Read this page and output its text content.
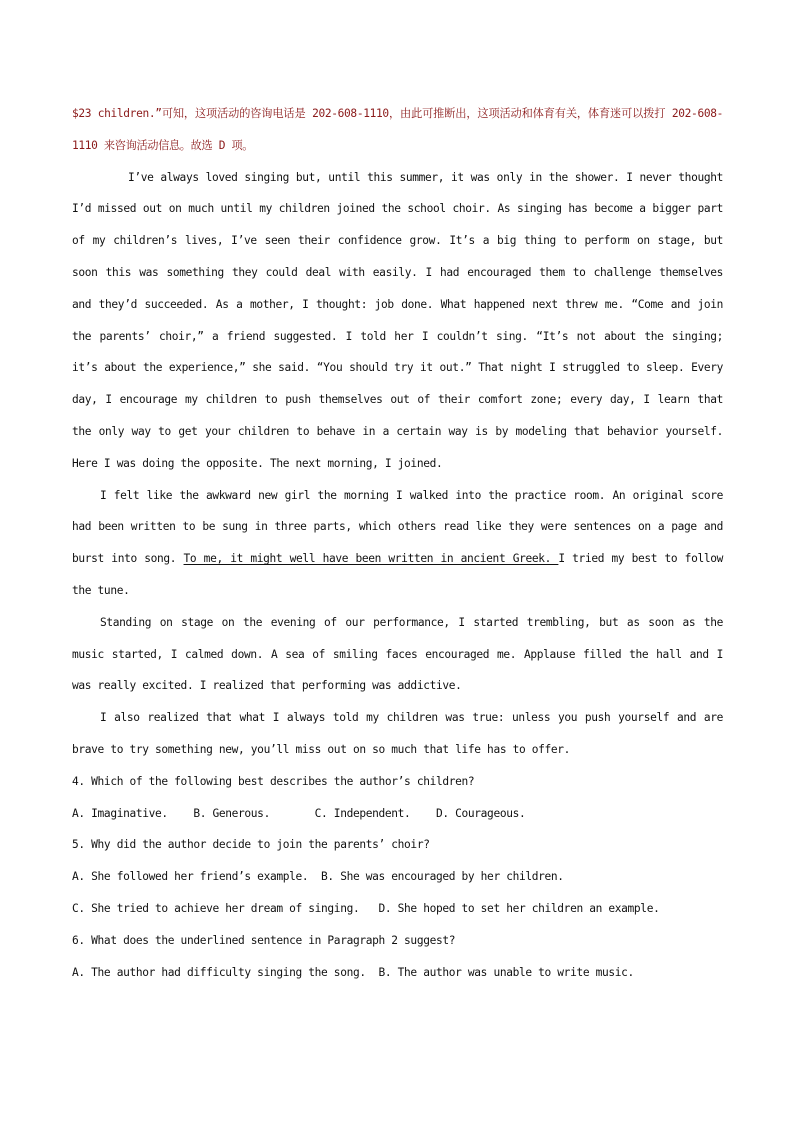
$23 children.”可知，这项活动的咨询电话是 202-608-1110，由此可推断出，这项活动和体育有关，体育迷可以拨打 202-608-1110 来咨询活动信息。故选 D 项。

I’ve always loved singing but, until this summer, it was only in the shower. I never thought I’d missed out on much until my children joined the school choir. As singing has become a bigger part of my children’s lives, I’ve seen their confidence grow. It’s a big thing to perform on stage, but soon this was something they could deal with easily. I had encouraged them to challenge themselves and they’d succeeded. As a mother, I thought: job done. What happened next threw me. “Come and join the parents’ choir,” a friend suggested. I told her I couldn’t sing. “It’s not about the singing; it’s about the experience,” she said. “You should try it out.” That night I struggled to sleep. Every day, I encourage my children to push themselves out of their comfort zone; every day, I learn that the only way to get your children to behave in a certain way is by modeling that behavior yourself. Here I was doing the opposite. The next morning, I joined.

I felt like the awkward new girl the morning I walked into the practice room. An original score had been written to be sung in three parts, which others read like they were sentences on a page and burst into song. To me, it might well have been written in ancient Greek. I tried my best to follow the tune.

Standing on stage on the evening of our performance, I started trembling, but as soon as the music started, I calmed down. A sea of smiling faces encouraged me. Applause filled the hall and I was really excited. I realized that performing was addictive.

I also realized that what I always told my children was true: unless you push yourself and are brave to try something new, you’ll miss out on so much that life has to offer.

4. Which of the following best describes the author’s children?

A. Imaginative.    B. Generous.       C. Independent.    D. Courageous.

5. Why did the author decide to join the parents’ choir?

A. She followed her friend’s example.  B. She was encouraged by her children.

C. She tried to achieve her dream of singing.   D. She hoped to set her children an example.

6. What does the underlined sentence in Paragraph 2 suggest?

A. The author had difficulty singing the song.  B. The author was unable to write music.
